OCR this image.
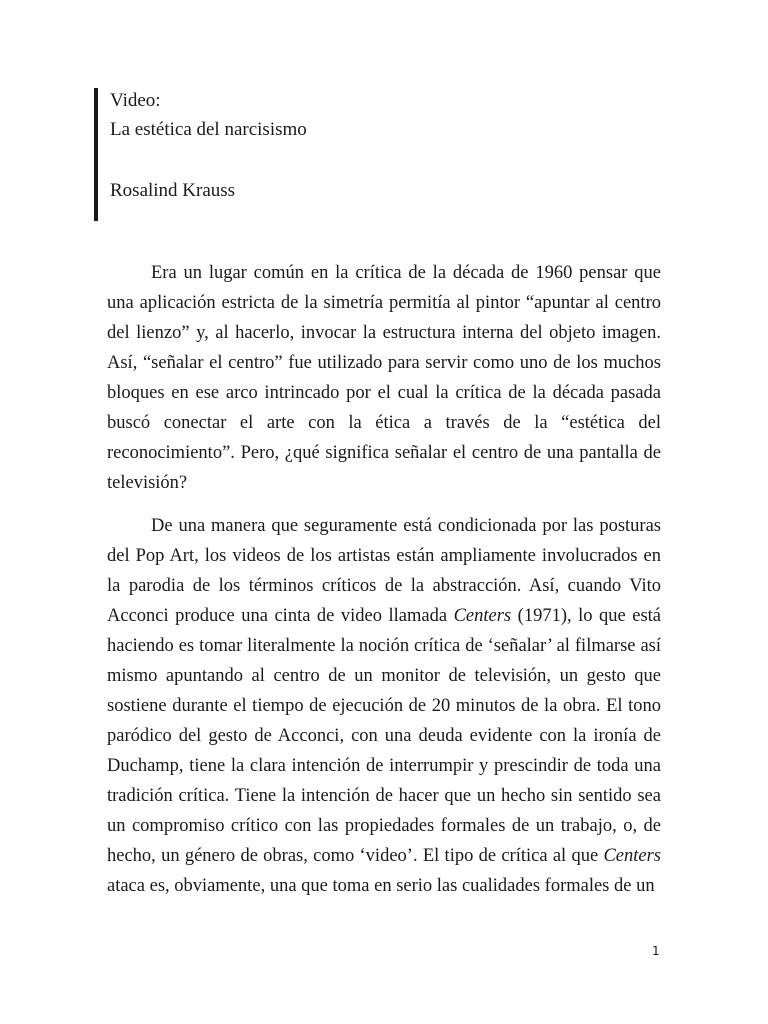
Video:
La estética del narcisismo
Rosalind Krauss

Era un lugar común en la crítica de la década de 1960 pensar que una aplicación estricta de la simetría permitía al pintor “apuntar al centro del lienzo” y, al hacerlo, invocar la estructura interna del objeto imagen. Así, “señalar el centro” fue utilizado para servir como uno de los muchos bloques en ese arco intrincado por el cual la crítica de la década pasada buscó conectar el arte con la ética a través de la “estética del reconocimiento”. Pero, ¿qué significa señalar el centro de una pantalla de televisión?

De una manera que seguramente está condicionada por las posturas del Pop Art, los videos de los artistas están ampliamente involucrados en la parodia de los términos críticos de la abstracción. Así, cuando Vito Acconci produce una cinta de video llamada Centers (1971), lo que está haciendo es tomar literalmente la noción crítica de ‘señalar’ al filmarse así mismo apuntando al centro de un monitor de televisión, un gesto que sostiene durante el tiempo de ejecución de 20 minutos de la obra. El tono paródico del gesto de Acconci, con una deuda evidente con la ironía de Duchamp, tiene la clara intención de interrumpir y prescindir de toda una tradición crítica. Tiene la intención de hacer que un hecho sin sentido sea un compromiso crítico con las propiedades formales de un trabajo, o, de hecho, un género de obras, como ‘video’. El tipo de crítica al que Centers ataca es, obviamente, una que toma en serio las cualidades formales de un

1
